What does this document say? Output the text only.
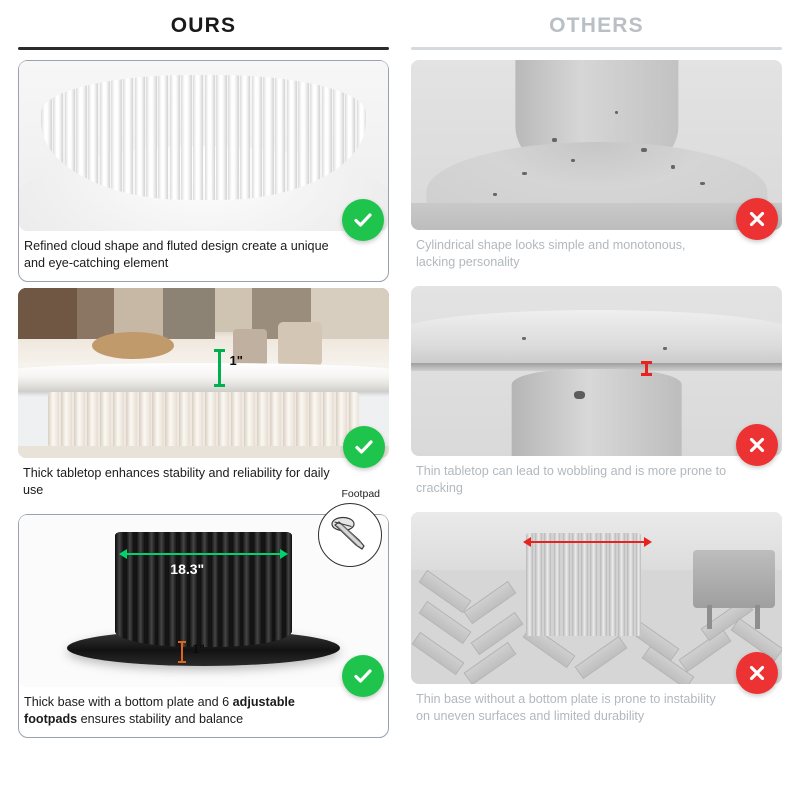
OURS
Refined cloud shape and fluted design create a unique and eye-catching element
1"
Thick tabletop enhances stability and reliability for daily use	Footpad
18.3"
1"
Thick base with a bottom plate and 6 adjustable footpads ensures stability and balance
OTHERS
Cylindrical shape looks simple and monotonous, lacking personality
Thin tabletop can lead to wobbling and is more prone to cracking
Thin base without a bottom plate is prone to instability on uneven surfaces and limited durability
